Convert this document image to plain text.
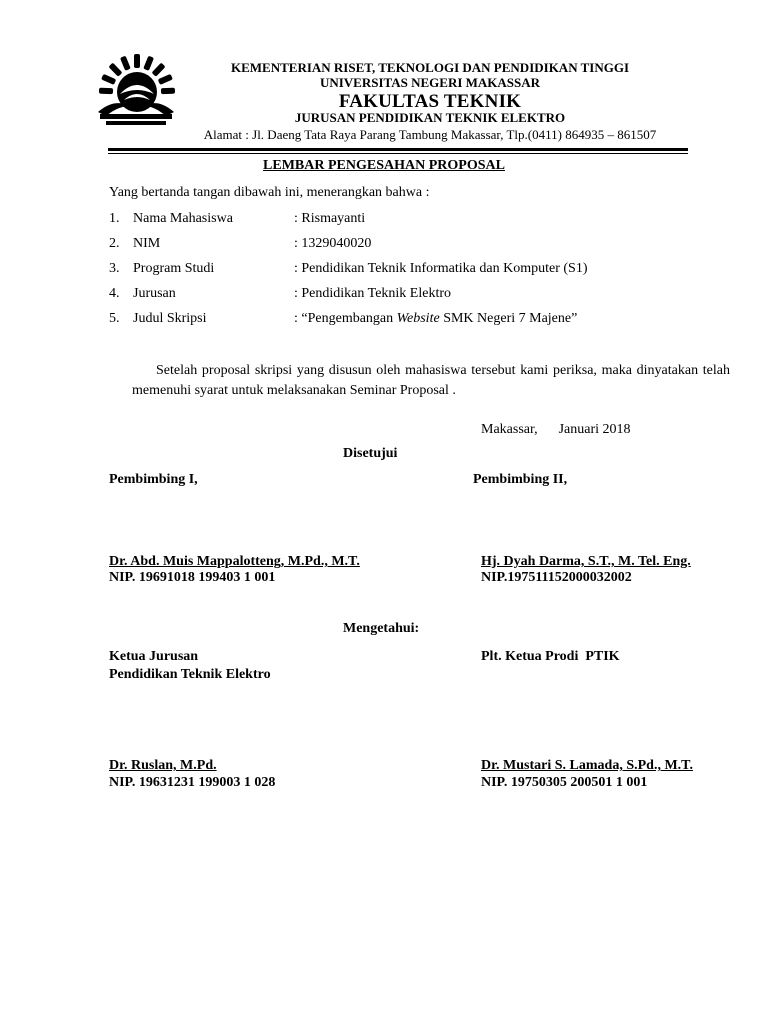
KEMENTERIAN RISET, TEKNOLOGI DAN PENDIDIKAN TINGGI
UNIVERSITAS NEGERI MAKASSAR
FAKULTAS TEKNIK
JURUSAN PENDIDIKAN TEKNIK ELEKTRO
Alamat : Jl. Daeng Tata Raya Parang Tambung Makassar, Tlp.(0411) 864935 – 861507
LEMBAR PENGESAHAN PROPOSAL
Yang bertanda tangan dibawah ini, menerangkan bahwa :
1. Nama Mahasiswa	: Rismayanti
2. NIM	: 1329040020
3. Program Studi	: Pendidikan Teknik Informatika dan Komputer (S1)
4. Jurusan	: Pendidikan Teknik Elektro
5. Judul Skripsi	: “Pengembangan Website SMK Negeri 7 Majene”
Setelah proposal skripsi yang disusun oleh mahasiswa tersebut kami periksa, maka dinyatakan telah memenuhi syarat untuk melaksanakan Seminar Proposal .
Makassar,      Januari 2018
Disetujui
Pembimbing I,	Pembimbing II,
Dr. Abd. Muis Mappalotteng, M.Pd., M.T.
NIP. 19691018 199403 1 001
Hj. Dyah Darma, S.T., M. Tel. Eng.
NIP.197511152000032002
Mengetahui:
Ketua Jurusan
Pendidikan Teknik Elektro
Plt. Ketua Prodi  PTIK
Dr. Ruslan, M.Pd.
NIP. 19631231 199003 1 028
Dr. Mustari S. Lamada, S.Pd., M.T.
NIP. 19750305 200501 1 001
